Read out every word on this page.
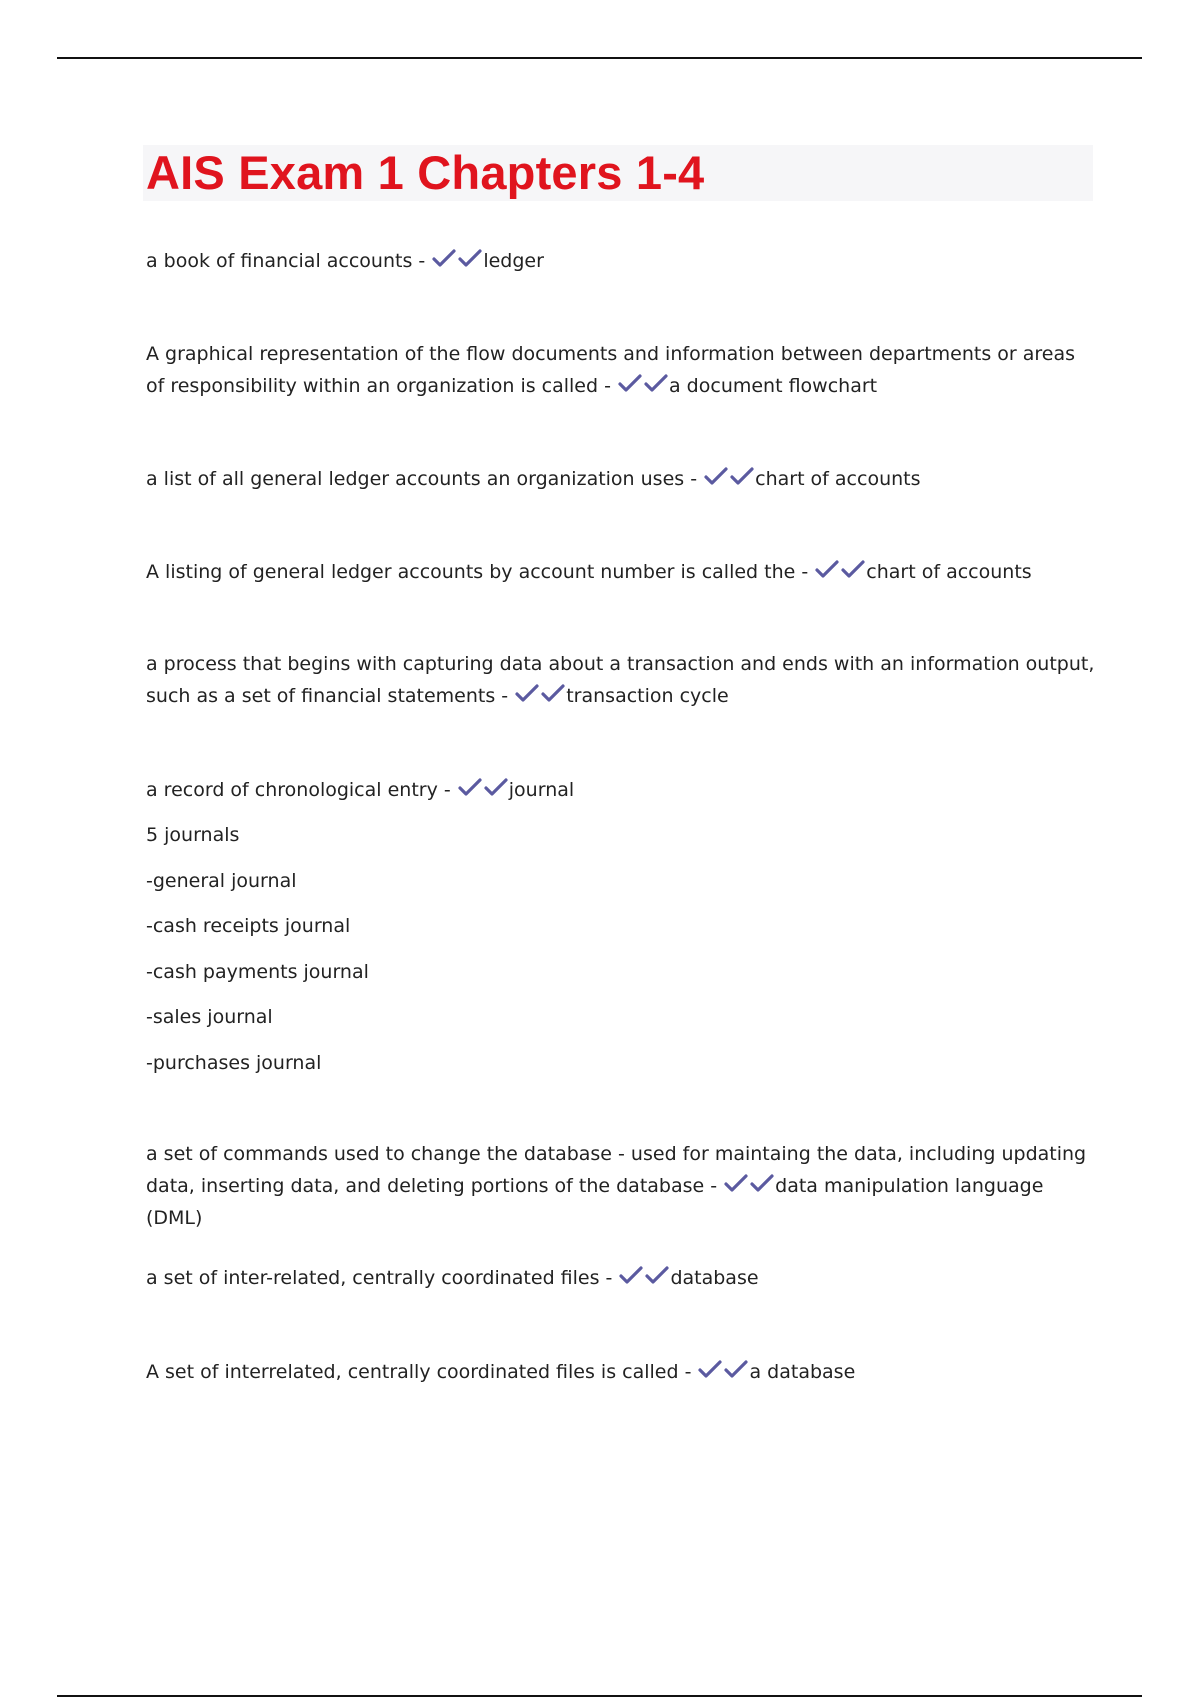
AIS Exam 1 Chapters 1-4

a book of financial accounts -	ledger

A graphical representation of the flow documents and information between departments or areas of responsibility within an organization is called -	a document flowchart

a list of all general ledger accounts an organization uses -	chart of accounts

A listing of general ledger accounts by account number is called the -	chart of accounts

a process that begins with capturing data about a transaction and ends with an information output, such as a set of financial statements -	transaction cycle

a record of chronological entry -	journal

5 journals

-general journal

-cash receipts journal

-cash payments journal

-sales journal

-purchases journal

a set of commands used to change the database - used for maintaing the data, including updating data, inserting data, and deleting portions of the database -	data manipulation language (DML)

a set of inter-related, centrally coordinated files -	database

A set of interrelated, centrally coordinated files is called -	a database
